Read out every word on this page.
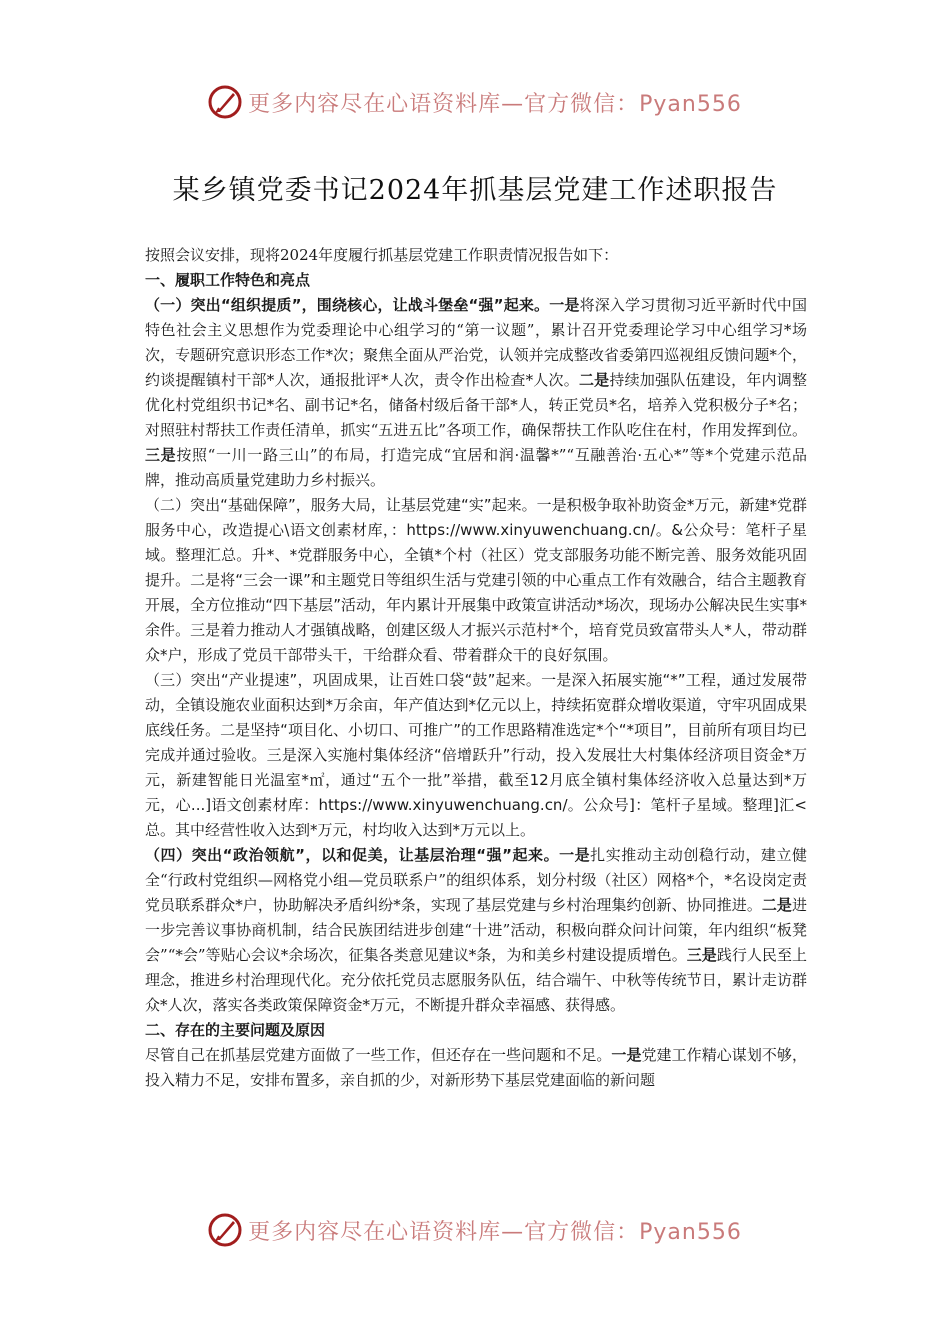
更多内容尽在心语资料库—官方微信：Pyan556
某乡镇党委书记2024年抓基层党建工作述职报告

按照会议安排，现将2024年度履行抓基层党建工作职责情况报告如下：

一、履职工作特色和亮点

（一）突出“组织提质”，围绕核心，让战斗堡垒“强”起来。一是将深入学习贯彻习近平新时代中国特色社会主义思想作为党委理论中心组学习的“第一议题”，累计召开党委理论学习中心组学习*场次，专题研究意识形态工作*次；聚焦全面从严治党，认领并完成整改省委第四巡视组反馈问题*个，约谈提醒镇村干部*人次，通报批评*人次，责令作出检查*人次。二是持续加强队伍建设，年内调整优化村党组织书记*名、副书记*名，储备村级后备干部*人，转正党员*名，培养入党积极分子*名；对照驻村帮扶工作责任清单，抓实“五进五比”各项工作，确保帮扶工作队吃住在村，作用发挥到位。三是按照“一川一路三山”的布局，打造完成“宜居和润·温馨*”“互融善治·五心*”等*个党建示范品牌，推动高质量党建助力乡村振兴。

（二）突出“基础保障”，服务大局，让基层党建“实”起来。一是积极争取补助资金*万元，新建*党群服务中心，改造提心\语文创素材库，：https://www.xinyuwenchuang.cn/。&公众号：笔杆子星域。整理汇总。升*、*党群服务中心，全镇*个村（社区）党支部服务功能不断完善、服务效能巩固提升。二是将“三会一课”和主题党日等组织生活与党建引领的中心重点工作有效融合，结合主题教育开展，全方位推动“四下基层”活动，年内累计开展集中政策宣讲活动*场次，现场办公解决民生实事*余件。三是着力推动人才强镇战略，创建区级人才振兴示范村*个，培育党员致富带头人*人，带动群众*户，形成了党员干部带头干，干给群众看、带着群众干的良好氛围。

（三）突出“产业提速”，巩固成果，让百姓口袋“鼓”起来。一是深入拓展实施“*”工程，通过发展带动，全镇设施农业面积达到*万余亩，年产值达到*亿元以上，持续拓宽群众增收渠道，守牢巩固成果底线任务。二是坚持“项目化、小切口、可推广”的工作思路精准选定*个“*项目”，目前所有项目均已完成并通过验收。三是深入实施村集体经济“倍增跃升”行动，投入发展壮大村集体经济项目资金*万元，新建智能日光温室*㎡，通过“五个一批”举措，截至12月底全镇村集体经济收入总量达到*万元，心...]语文创素材库：https://www.xinyuwenchuang.cn/。公众号]：笔杆子星域。整理]汇<总。其中经营性收入达到*万元，村均收入达到*万元以上。

（四）突出“政治领航”，以和促美，让基层治理“强”起来。一是扎实推动主动创稳行动，建立健全“行政村党组织—网格党小组—党员联系户”的组织体系，划分村级（社区）网格*个，*名设岗定责党员联系群众*户，协助解决矛盾纠纷*条，实现了基层党建与乡村治理集约创新、协同推进。二是进一步完善议事协商机制，结合民族团结进步创建“十进”活动，积极向群众问计问策，年内组织“板凳会”“*会”等贴心会议*余场次，征集各类意见建议*条，为和美乡村建设提质增色。三是践行人民至上理念，推进乡村治理现代化。充分依托党员志愿服务队伍，结合端午、中秋等传统节日，累计走访群众*人次，落实各类政策保障资金*万元，不断提升群众幸福感、获得感。

二、存在的主要问题及原因

尽管自己在抓基层党建方面做了一些工作，但还存在一些问题和不足。一是党建工作精心谋划不够，投入精力不足，安排布置多，亲自抓的少，对新形势下基层党建面临的新问题

更多内容尽在心语资料库—官方微信：Pyan556
